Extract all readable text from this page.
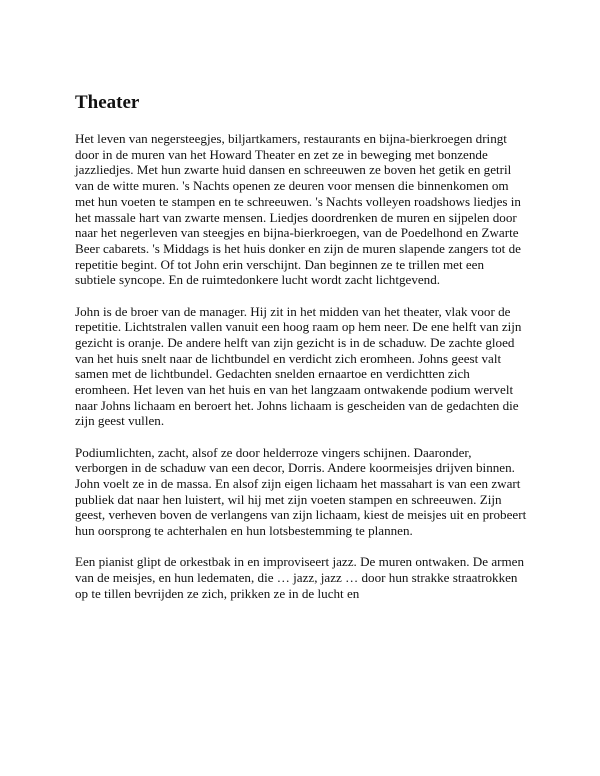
Theater

Het leven van negersteegjes, biljartkamers, restaurants en bijna-bierkroegen dringt door in de muren van het Howard Theater en zet ze in beweging met bonzende jazzliedjes. Met hun zwarte huid dansen en schreeuwen ze boven het getik en getril van de witte muren. 's Nachts openen ze deuren voor mensen die binnenkomen om met hun voeten te stampen en te schreeuwen. 's Nachts volleyen roadshows liedjes in het massale hart van zwarte mensen. Liedjes doordrenken de muren en sijpelen door naar het negerleven van steegjes en bijna-bierkroegen, van de Poedelhond en Zwarte Beer cabarets. 's Middags is het huis donker en zijn de muren slapende zangers tot de repetitie begint. Of tot John erin verschijnt. Dan beginnen ze te trillen met een subtiele syncope. En de ruimtedonkere lucht wordt zacht lichtgevend.

John is de broer van de manager. Hij zit in het midden van het theater, vlak voor de repetitie. Lichtstralen vallen vanuit een hoog raam op hem neer. De ene helft van zijn gezicht is oranje. De andere helft van zijn gezicht is in de schaduw. De zachte gloed van het huis snelt naar de lichtbundel en verdicht zich eromheen. Johns geest valt samen met de lichtbundel. Gedachten snelden ernaartoe en verdichtten zich eromheen. Het leven van het huis en van het langzaam ontwakende podium wervelt naar Johns lichaam en beroert het. Johns lichaam is gescheiden van de gedachten die zijn geest vullen.

Podiumlichten, zacht, alsof ze door helderroze vingers schijnen. Daaronder, verborgen in de schaduw van een decor, Dorris. Andere koormeisjes drijven binnen. John voelt ze in de massa. En alsof zijn eigen lichaam het massahart is van een zwart publiek dat naar hen luistert, wil hij met zijn voeten stampen en schreeuwen. Zijn geest, verheven boven de verlangens van zijn lichaam, kiest de meisjes uit en probeert hun oorsprong te achterhalen en hun lotsbestemming te plannen.

Een pianist glipt de orkestbak in en improviseert jazz. De muren ontwaken. De armen van de meisjes, en hun ledematen, die … jazz, jazz … door hun strakke straatrokken op te tillen bevrijden ze zich, prikken ze in de lucht en
